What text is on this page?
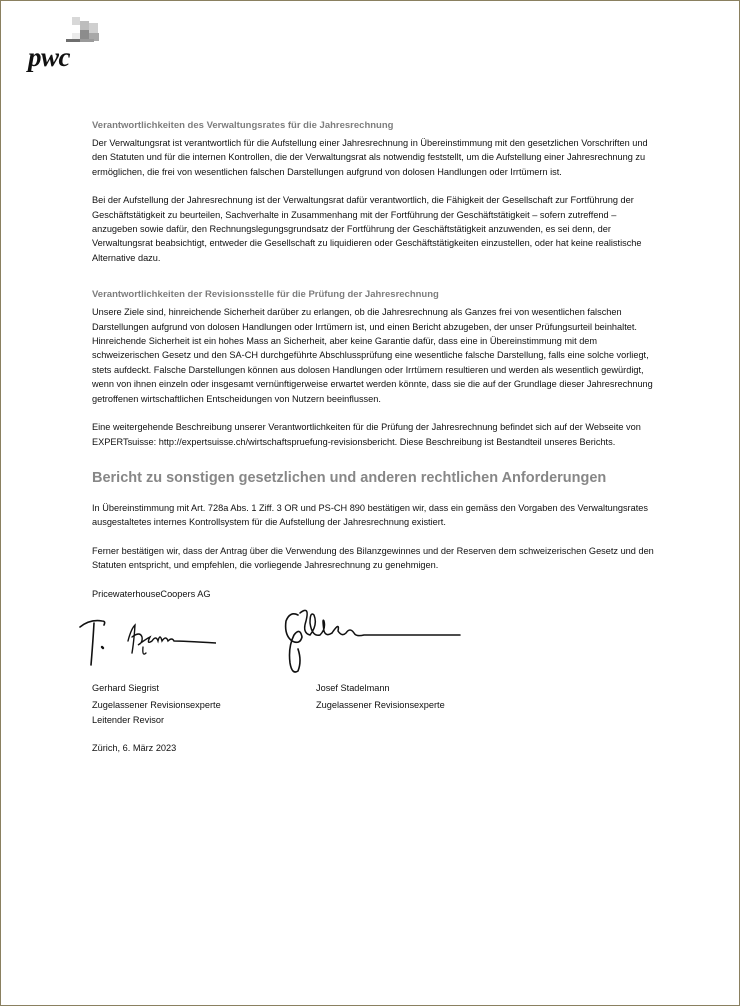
pwc

Verantwortlichkeiten des Verwaltungsrates für die Jahresrechnung

Der Verwaltungsrat ist verantwortlich für die Aufstellung einer Jahresrechnung in Übereinstimmung mit den gesetzlichen Vorschriften und den Statuten und für die internen Kontrollen, die der Verwaltungsrat als notwendig feststellt, um die Aufstellung einer Jahresrechnung zu ermöglichen, die frei von wesentlichen falschen Darstellungen aufgrund von dolosen Handlungen oder Irrtümern ist.

Bei der Aufstellung der Jahresrechnung ist der Verwaltungsrat dafür verantwortlich, die Fähigkeit der Gesellschaft zur Fortführung der Geschäftstätigkeit zu beurteilen, Sachverhalte in Zusammenhang mit der Fortführung der Geschäftstätigkeit – sofern zutreffend – anzugeben sowie dafür, den Rechnungslegungsgrundsatz der Fortführung der Geschäftstätigkeit anzuwenden, es sei denn, der Verwaltungsrat beabsichtigt, entweder die Gesellschaft zu liquidieren oder Geschäftstätigkeiten einzustellen, oder hat keine realistische Alternative dazu.

Verantwortlichkeiten der Revisionsstelle für die Prüfung der Jahresrechnung

Unsere Ziele sind, hinreichende Sicherheit darüber zu erlangen, ob die Jahresrechnung als Ganzes frei von wesentlichen falschen Darstellungen aufgrund von dolosen Handlungen oder Irrtümern ist, und einen Bericht abzugeben, der unser Prüfungsurteil beinhaltet. Hinreichende Sicherheit ist ein hohes Mass an Sicherheit, aber keine Garantie dafür, dass eine in Übereinstimmung mit dem schweizerischen Gesetz und den SA-CH durchgeführte Abschlussprüfung eine wesentliche falsche Darstellung, falls eine solche vorliegt, stets aufdeckt. Falsche Darstellungen können aus dolosen Handlungen oder Irrtümern resultieren und werden als wesentlich gewürdigt, wenn von ihnen einzeln oder insgesamt vernünftigerweise erwartet werden könnte, dass sie die auf der Grundlage dieser Jahresrechnung getroffenen wirtschaftlichen Entscheidungen von Nutzern beeinflussen.

Eine weitergehende Beschreibung unserer Verantwortlichkeiten für die Prüfung der Jahresrechnung befindet sich auf der Webseite von EXPERTsuisse: http://expertsuisse.ch/wirtschaftspruefung-revisionsbericht. Diese Beschreibung ist Bestandteil unseres Berichts.

Bericht zu sonstigen gesetzlichen und anderen rechtlichen Anforderungen

In Übereinstimmung mit Art. 728a Abs. 1 Ziff. 3 OR und PS-CH 890 bestätigen wir, dass ein gemäss den Vorgaben des Verwaltungsrates ausgestaltetes internes Kontrollsystem für die Aufstellung der Jahresrechnung existiert.

Ferner bestätigen wir, dass der Antrag über die Verwendung des Bilanzgewinnes und der Reserven dem schweizerischen Gesetz und den Statuten entspricht, und empfehlen, die vorliegende Jahresrechnung zu genehmigen.

PricewaterhouseCoopers AG

Gerhard Siegrist
Zugelassener Revisionsexperte
Leitender Revisor
Josef Stadelmann
Zugelassener Revisionsexperte

Zürich, 6. März 2023
